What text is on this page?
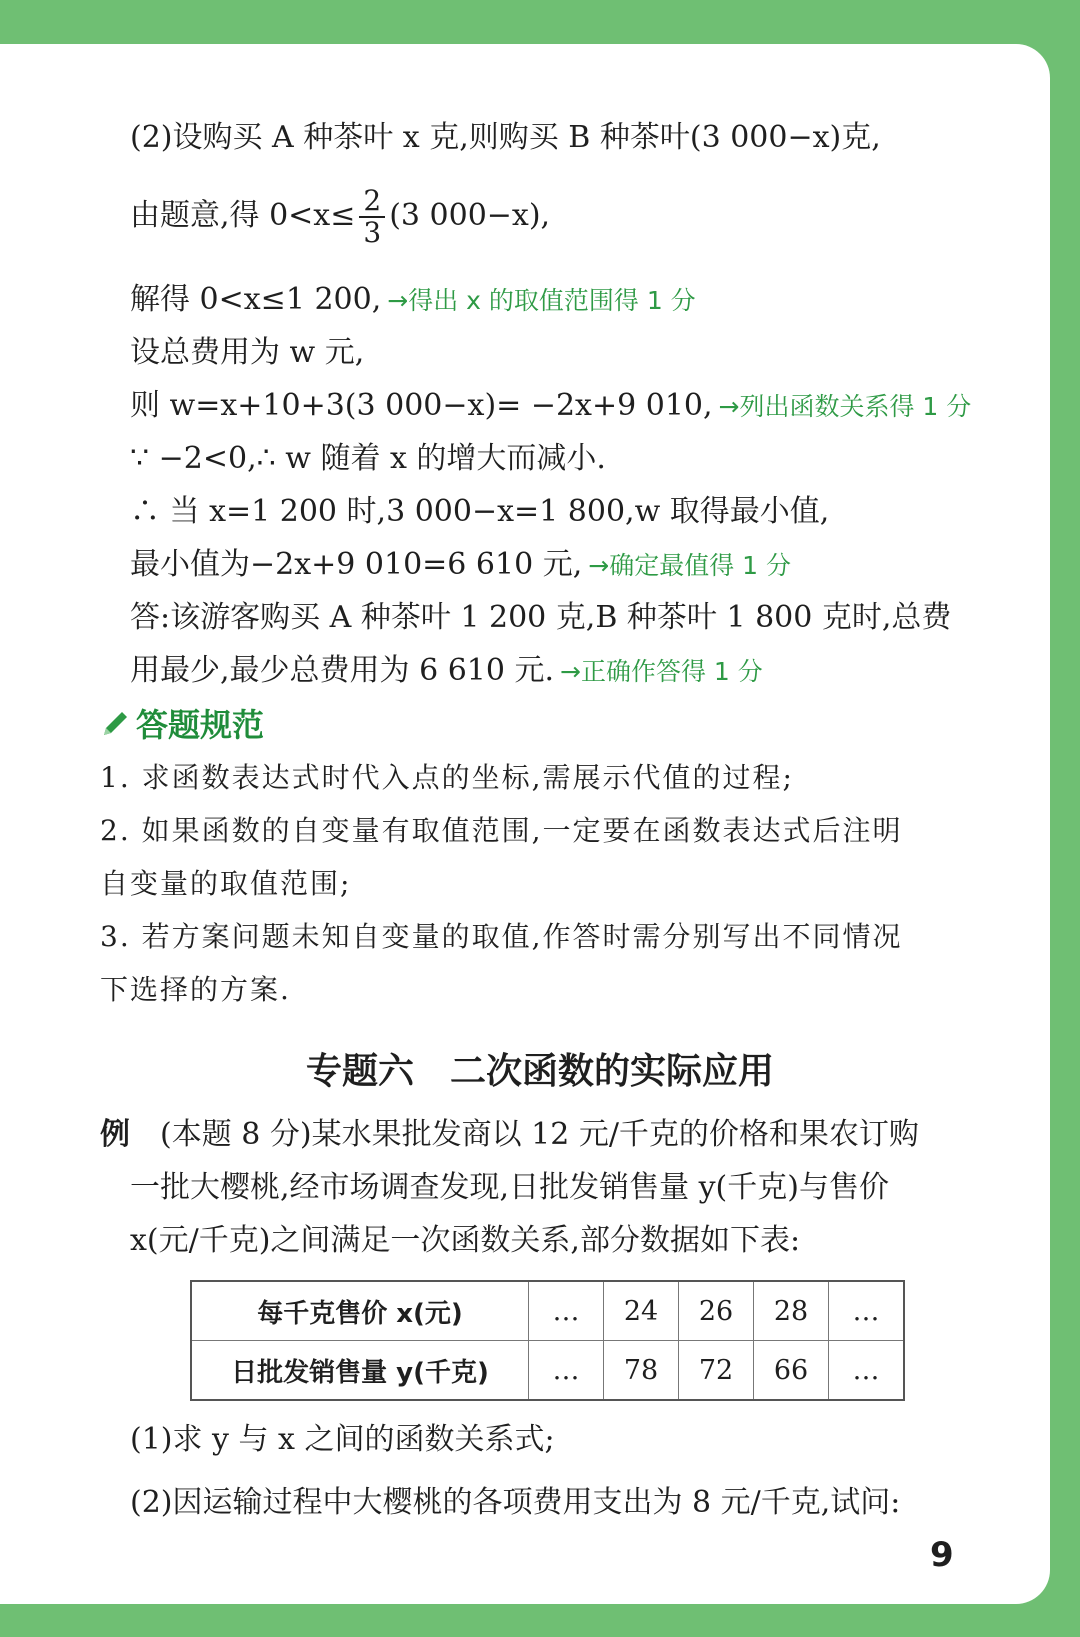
(2)设购买 A 种茶叶 x 克,则购买 B 种茶叶(3 000−x)克,
由题意,得 $0<x\le \frac{2}{3} (3$ 000−x),
解得 0<x≤1 200, →得出 x 的取值范围得 1 分
设总费用为 w 元,
则 w=x+10+3(3 000−x)= −2x+9 010, →列出函数关系得 1 分
∵ −2<0,∴ w 随着 x 的增大而减小.
∴ 当 x=1 200 时,3 000−x=1 800,w 取得最小值,
最小值为−2x+9 010=6 610 元, →确定最值得 1 分
答:该游客购买 A 种茶叶 1 200 克,B 种茶叶 1 800 克时,总费
用最少,最少总费用为 6 610 元. →正确作答得 1 分
答题规范
1. 求函数表达式时代入点的坐标,需展示代值的过程;
2. 如果函数的自变量有取值范围,一定要在函数表达式后注明
自变量的取值范围;
3. 若方案问题未知自变量的取值,作答时需分别写出不同情况
下选择的方案.
专题六　二次函数的实际应用
例 (本题 8 分)某水果批发商以 12 元/千克的价格和果农订购
一批大樱桃,经市场调查发现,日批发销售量 y(千克)与售价
x(元/千克)之间满足一次函数关系,部分数据如下表:
每千克售价 x(元)	…	24	26	28	…
日批发销售量 y(千克)	…	78	72	66	…
(1)求 y 与 x 之间的函数关系式;
(2)因运输过程中大樱桃的各项费用支出为 8 元/千克,试问:
9
